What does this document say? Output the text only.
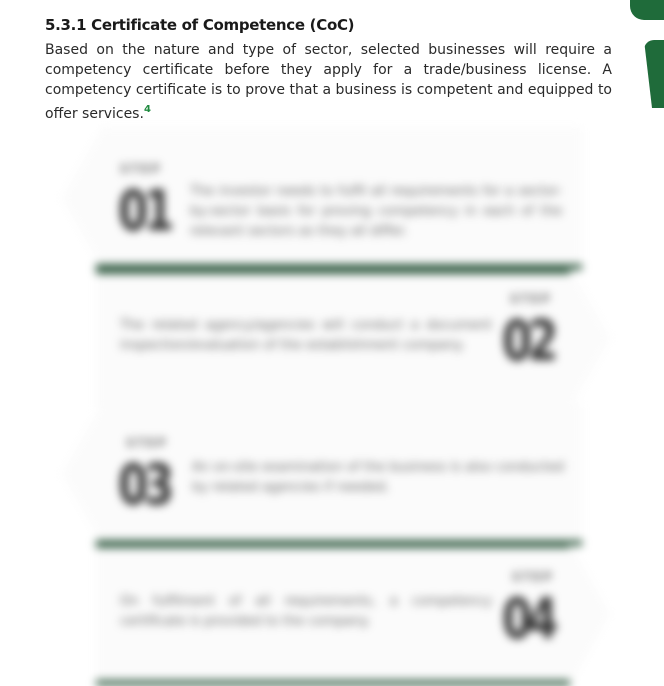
5.3.1 Certificate of Competence (CoC)

Based on the nature and type of sector, selected businesses will require a competency certificate before they apply for a trade/business license. A competency certificate is to prove that a business is competent and equipped to offer services.$^4$

STEP
01 The investor needs to fulfil all requirements for a sector-by-sector basis for proving competency in each of the relevant sectors as they all differ.
STEP
02
The related agency/agencies will conduct a document inspection/evaluation of the establishment company.
STEP
03 An on-site examination of the business is also conducted by related agencies if needed.
STEP
04
On fulfilment of all requirements, a competency certificate is provided to the company.
